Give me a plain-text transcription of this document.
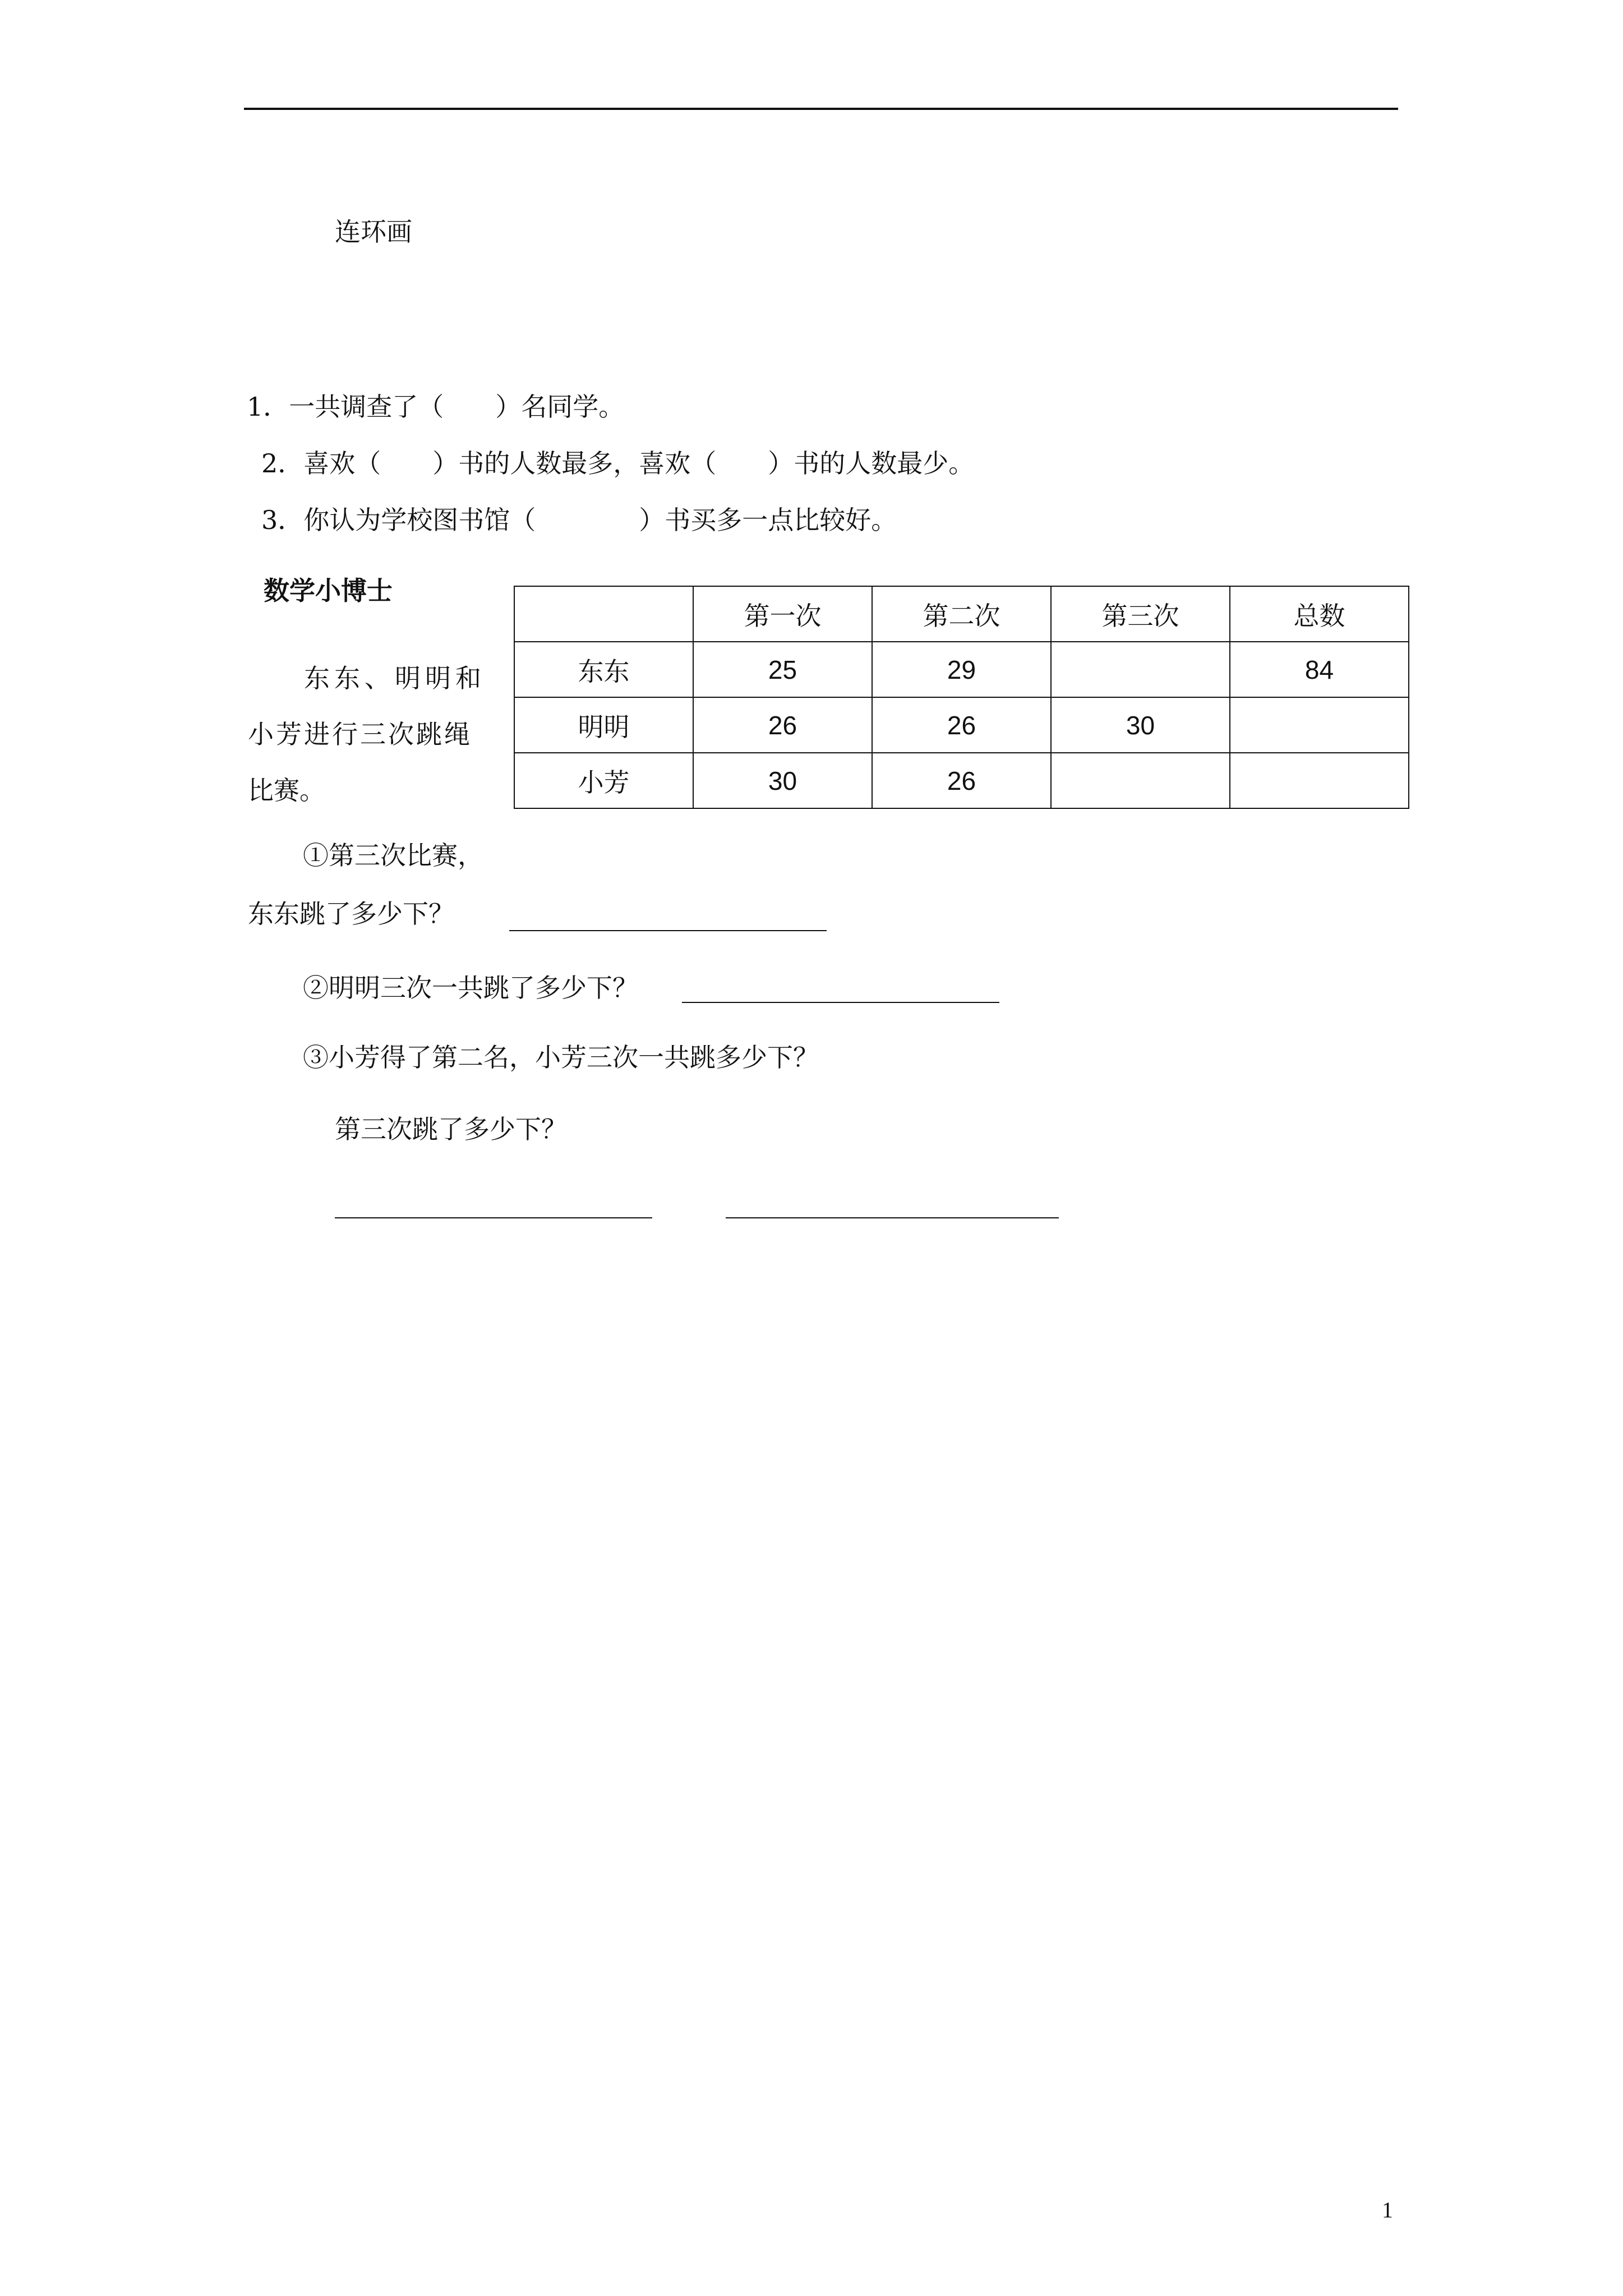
连环画
1．一共调查了（　　）名同学。
2．喜欢（　　）书的人数最多，喜欢（　　）书的人数最少。
3．你认为学校图书馆（　　　　）书买多一点比较好。
数学小博士
东东、明明和
小芳进行三次跳绳
比赛。
	第一次	第二次	第三次	总数
东东	25	29		84
明明	26	26	30	
小芳	30	26		
①第三次比赛，
东东跳了多少下？
②明明三次一共跳了多少下？
③小芳得了第二名，小芳三次一共跳多少下？
第三次跳了多少下？
1
